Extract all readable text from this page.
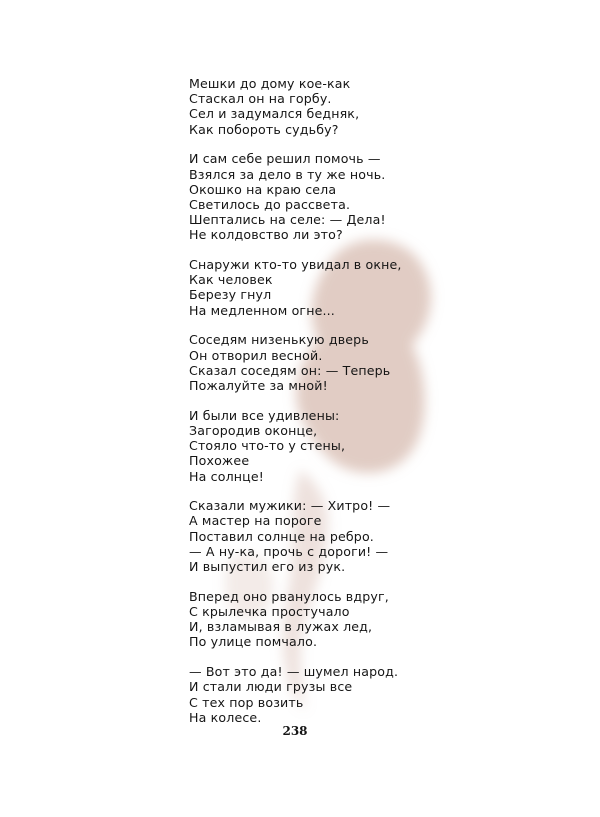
Мешки до дому кое-как
Стаскал он на горбу.
Сел и задумался бедняк,
Как побороть судьбу?
И сам себе решил помочь —
Взялся за дело в ту же ночь.
Окошко на краю села
Светилось до рассвета.
Шептались на селе: — Дела!
Не колдовство ли это?
Снаружи кто-то увидал в окне,
Как человек
Березу гнул
На медленном огне...
Соседям низенькую дверь
Он отворил весной.
Сказал соседям он: — Теперь
Пожалуйте за мной!
И были все удивлены:
Загородив оконце,
Стояло что-то у стены,
Похожее
На солнце!
Сказали мужики: — Хитро! —
А мастер на пороге
Поставил солнце на ребро.
— А ну-ка, прочь с дороги! —
И выпустил его из рук.
Вперед оно рванулось вдруг,
С крылечка простучало
И, взламывая в лужах лед,
По улице помчало.
— Вот это да! — шумел народ.
И стали люди грузы все
С тех пор возить
На колесе.
238
